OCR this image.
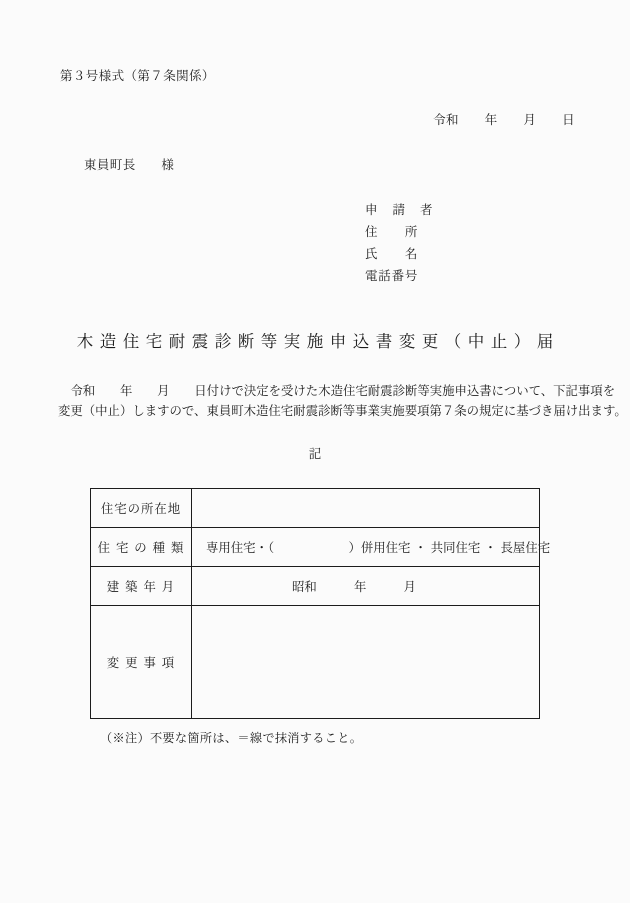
第３号様式（第７条関係）
令和　　年　　月　　日
東員町長　　様
申 請 者
住　　所
氏　　名
電話番号
木造住宅耐震診断等実施申込書変更（中止）届
　令和　　年　　月　　日付けで決定を受けた木造住宅耐震診断等実施申込書について、下記事項を
変更（中止）しますので、東員町木造住宅耐震診断等事業実施要項第７条の規定に基づき届け出ます。
記
住宅の所在地	
住 宅 の 種 類	専用住宅・（　　　　　　）併用住宅 ・ 共同住宅 ・ 長屋住宅
建 築 年 月	昭和　　　年　　　月
変 更 事 項	
（※注）不要な箇所は、＝線で抹消すること。
